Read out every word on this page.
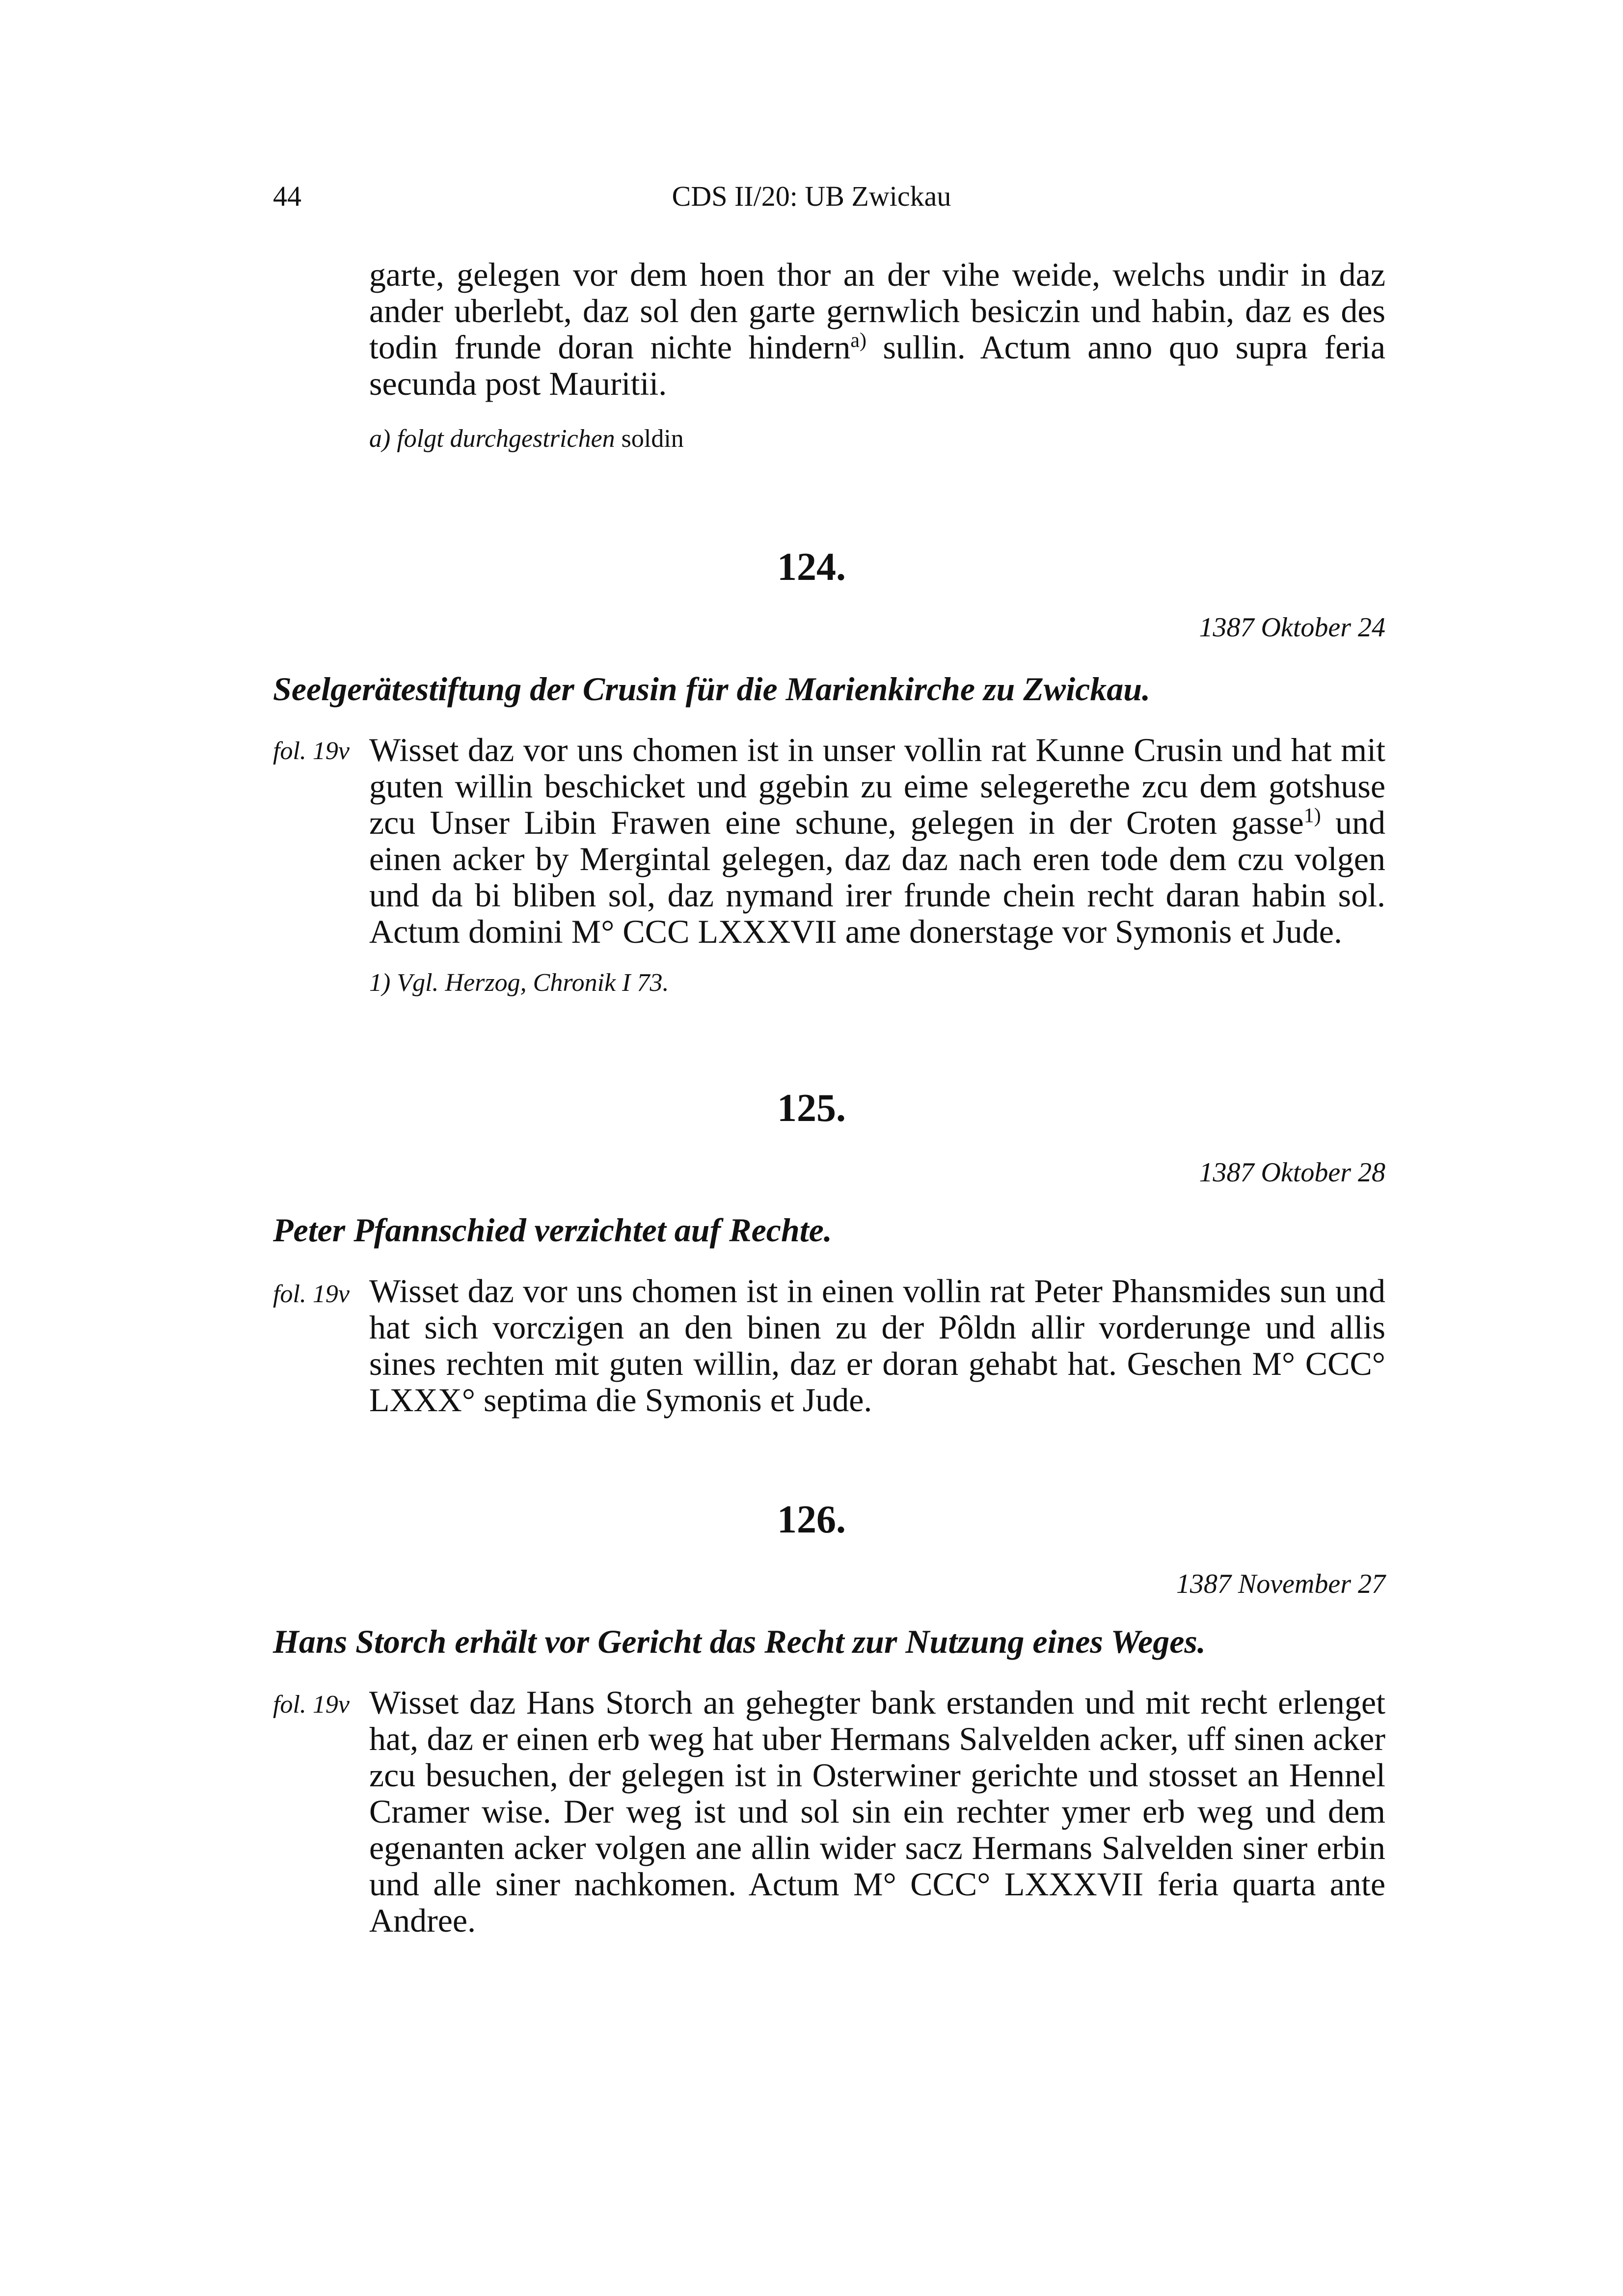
44	CDS II/20: UB Zwickau
garte, gelegen vor dem hoen thor an der vihe weide, welchs undir in daz ander uberlebt, daz sol den garte gernwlich besiczin und habin, daz es des todin frunde doran nichte hindern$^{a)}$ sullin. Actum anno quo supra feria secunda post Mauritii.
a) folgt durchgestrichen soldin
124.
1387 Oktober 24
Seelgerätestiftung der Crusin für die Marienkirche zu Zwickau.
fol. 19v Wisset daz vor uns chomen ist in unser vollin rat Kunne Crusin und hat mit guten willin beschicket und ggebin zu eime selegerethe zcu dem gotshuse zcu Unser Libin Frawen eine schune, gelegen in der Croten gasse$^{1)}$ und einen acker by Mergintal gelegen, daz daz nach eren tode dem czu volgen und da bi bliben sol, daz nymand irer frunde chein recht daran habin sol. Actum domini M° CCC LXXXVII ame donerstage vor Symonis et Jude.
1) Vgl. Herzog, Chronik I 73.
125.
1387 Oktober 28
Peter Pfannschied verzichtet auf Rechte.
fol. 19v Wisset daz vor uns chomen ist in einen vollin rat Peter Phansmides sun und hat sich vorczigen an den binen zu der Pôldn allir vorderunge und allis sines rechten mit guten willin, daz er doran gehabt hat. Geschen M° CCC° LXXX° septima die Symonis et Jude.
126.
1387 November 27
Hans Storch erhält vor Gericht das Recht zur Nutzung eines Weges.
fol. 19v Wisset daz Hans Storch an gehegter bank erstanden und mit recht erlenget hat, daz er einen erb weg hat uber Hermans Salvelden acker, uff sinen acker zcu besuchen, der gelegen ist in Osterwiner gerichte und stosset an Hennel Cramer wise. Der weg ist und sol sin ein rechter ymer erb weg und dem egenanten acker volgen ane allin wider sacz Hermans Salvelden siner erbin und alle siner nachkomen. Actum M° CCC° LXXXVII feria quarta ante Andree.
